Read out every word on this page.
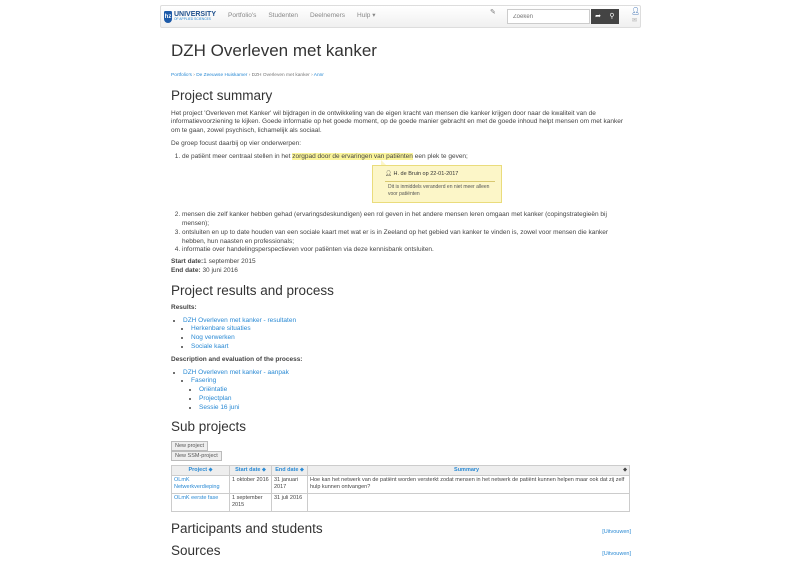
hz UNIVERSITY
OF APPLIED SCIENCES
Portfolio's Studenten Deelnemers Hulp ▾	✎
Zoeken
➦	⚲
👤︎
✉
DZH Overleven met kanker
Portfolio's › De Zeeuwse Huiskamer › DZH Overleven met kanker › Annr
Project summary

Het project 'Overleven met Kanker' wil bijdragen in de ontwikkeling van de eigen kracht van mensen die kanker krijgen door naar de kwaliteit van de informatievoorziening te kijken. Goede informatie op het goede moment, op de goede manier gebracht en met de goede inhoud helpt mensen om met kanker om te gaan, zowel psychisch, lichamelijk als sociaal.

De groep focust daarbij op vier onderwerpen:

1. de patiënt meer centraal stellen in het zorgpad door de ervaringen van patiënten een plek te geven;
👤︎ H. de Bruin op 22-01-2017
Dit is inmiddels veranderd en niet meer alleen voor patiënten
2. mensen die zelf kanker hebben gehad (ervaringsdeskundigen) een rol geven in het andere mensen leren omgaan met kanker (copingstrategieën bij mensen);
3. ontsluiten en up to date houden van een sociale kaart met wat er is in Zeeland op het gebied van kanker te vinden is, zowel voor mensen die kanker hebben, hun naasten en professionals;
4. informatie over handelingsperspectieven voor patiënten via deze kennisbank ontsluiten.
Start date:1 september 2015
End date: 30 juni 2016
Project results and process
Results:
• DZH Overleven met kanker - resultaten
• Herkenbare situaties
• Nog verwerken
• Sociale kaart
Description and evaluation of the process:
• DZH Overleven met kanker - aanpak
• Fasering
• Oriëntatie
• Projectplan
• Sessie 16 juni
Sub projects
New project
New SSM-project
Project ⬥	Start date ⬥	End date ⬥	Summary ⬥

OLmK Netwerkverdieping	1 oktober 2016	31 januari 2017	Hoe kan het netwerk van de patiënt worden versterkt zodat mensen in het netwerk de patiënt kunnen helpen maar ook dat zij zelf hulp kunnen ontvangen?
OLmK eerste fase	1 september 2015	31 juli 2016	
Participants and students	[Uitvouwen]
Sources	[Uitvouwen]
